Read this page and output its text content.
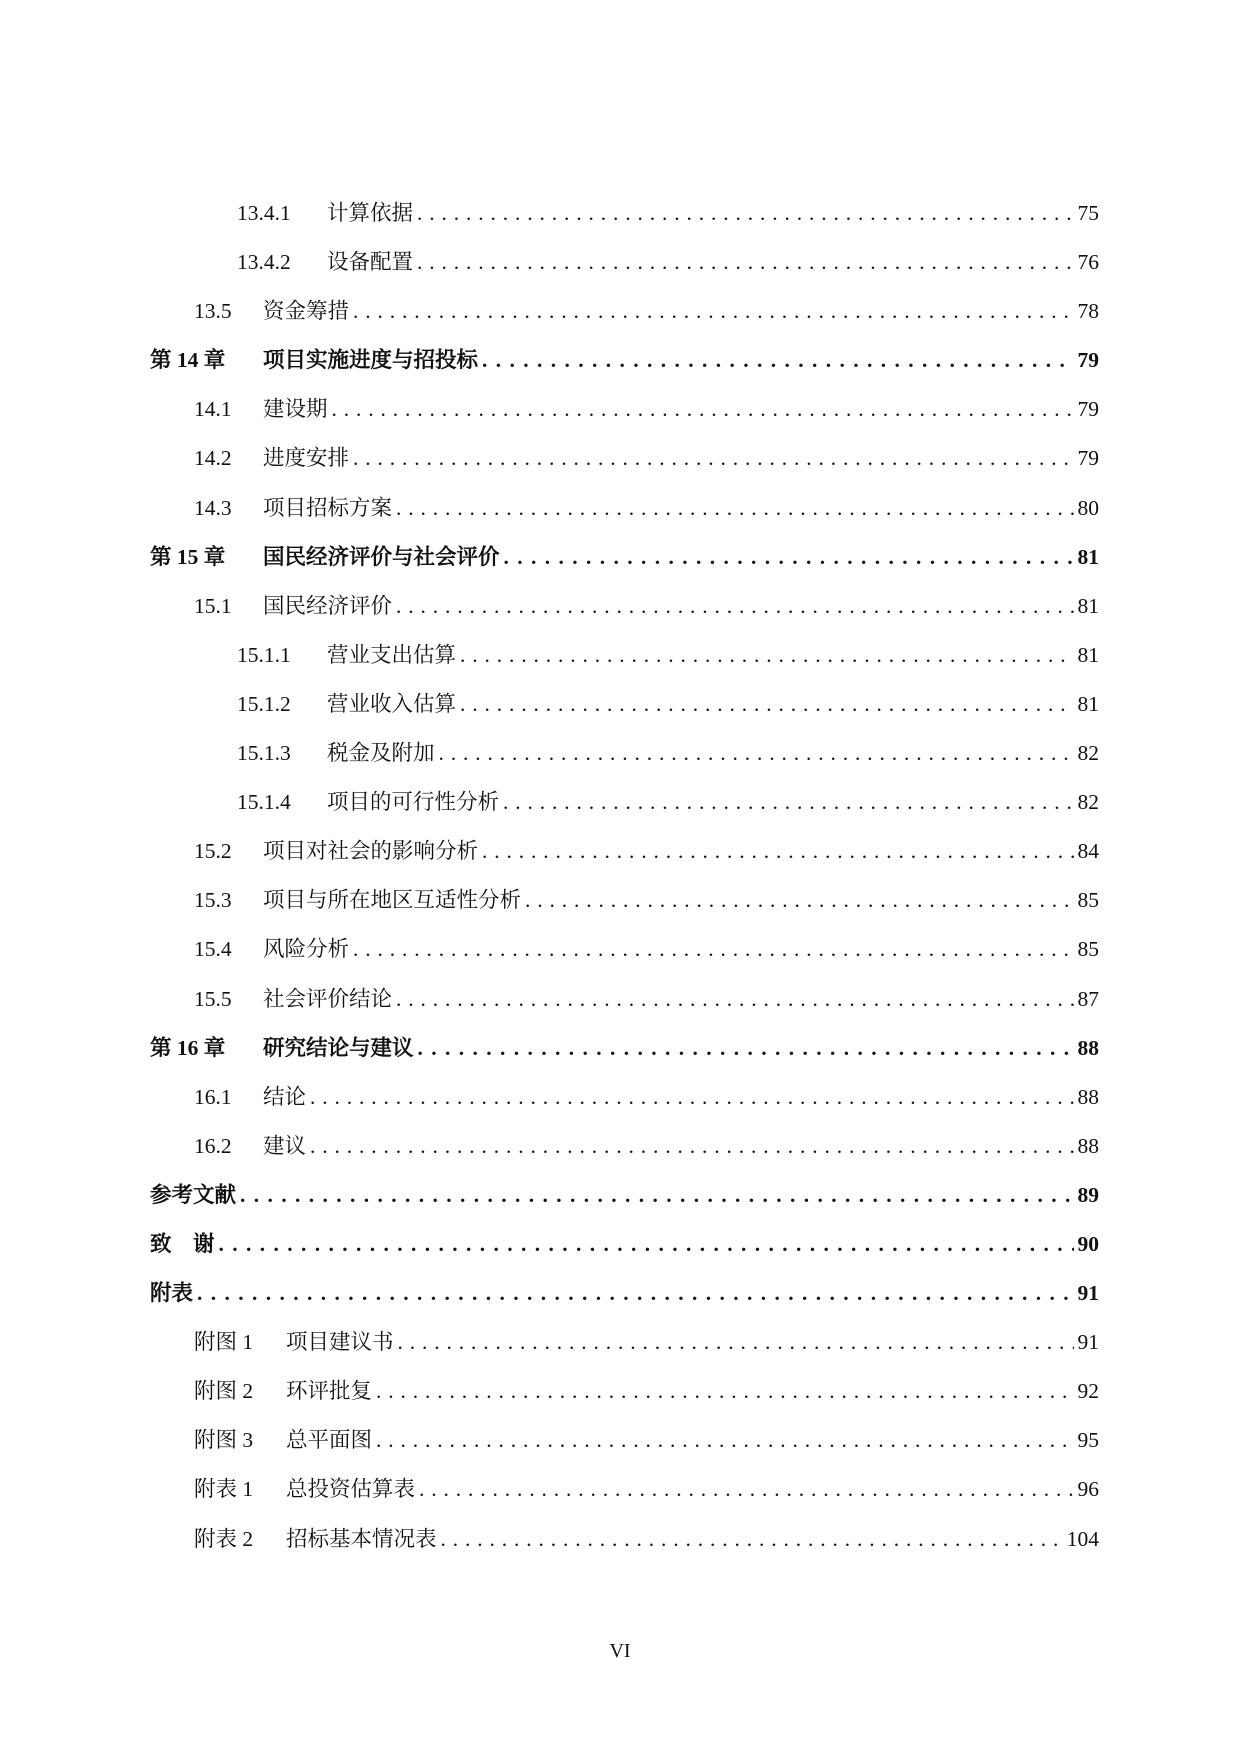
13.4.1	计算依据 . . .	75
13.4.2	设备配置 . . .	76
13.5	资金筹措 . . .	78
第 14 章	项目实施进度与招投标 . . .	79
14.1	建设期 . . .	79
14.2	进度安排 . . .	79
14.3	项目招标方案 . . .	80
第 15 章	国民经济评价与社会评价 . . .	81
15.1	国民经济评价 . . .	81
15.1.1	营业支出估算 . . .	81
15.1.2	营业收入估算 . . .	81
15.1.3	税金及附加 . . .	82
15.1.4	项目的可行性分析 . . .	82
15.2	项目对社会的影响分析 . . .	84
15.3	项目与所在地区互适性分析 . . .	85
15.4	风险分析 . . .	85
15.5	社会评价结论 . . .	87
第 16 章	研究结论与建议 . . .	88
16.1	结论 . . .	88
16.2	建议 . . .	88
参考文献 . . .	89
致　谢 . . .	90
附表 . . .	91
附图 1	项目建议书 . . .	91
附图 2	环评批复 . . .	92
附图 3	总平面图 . . .	95
附表 1	总投资估算表 . . .	96
附表 2	招标基本情况表 . . .	104
VI
